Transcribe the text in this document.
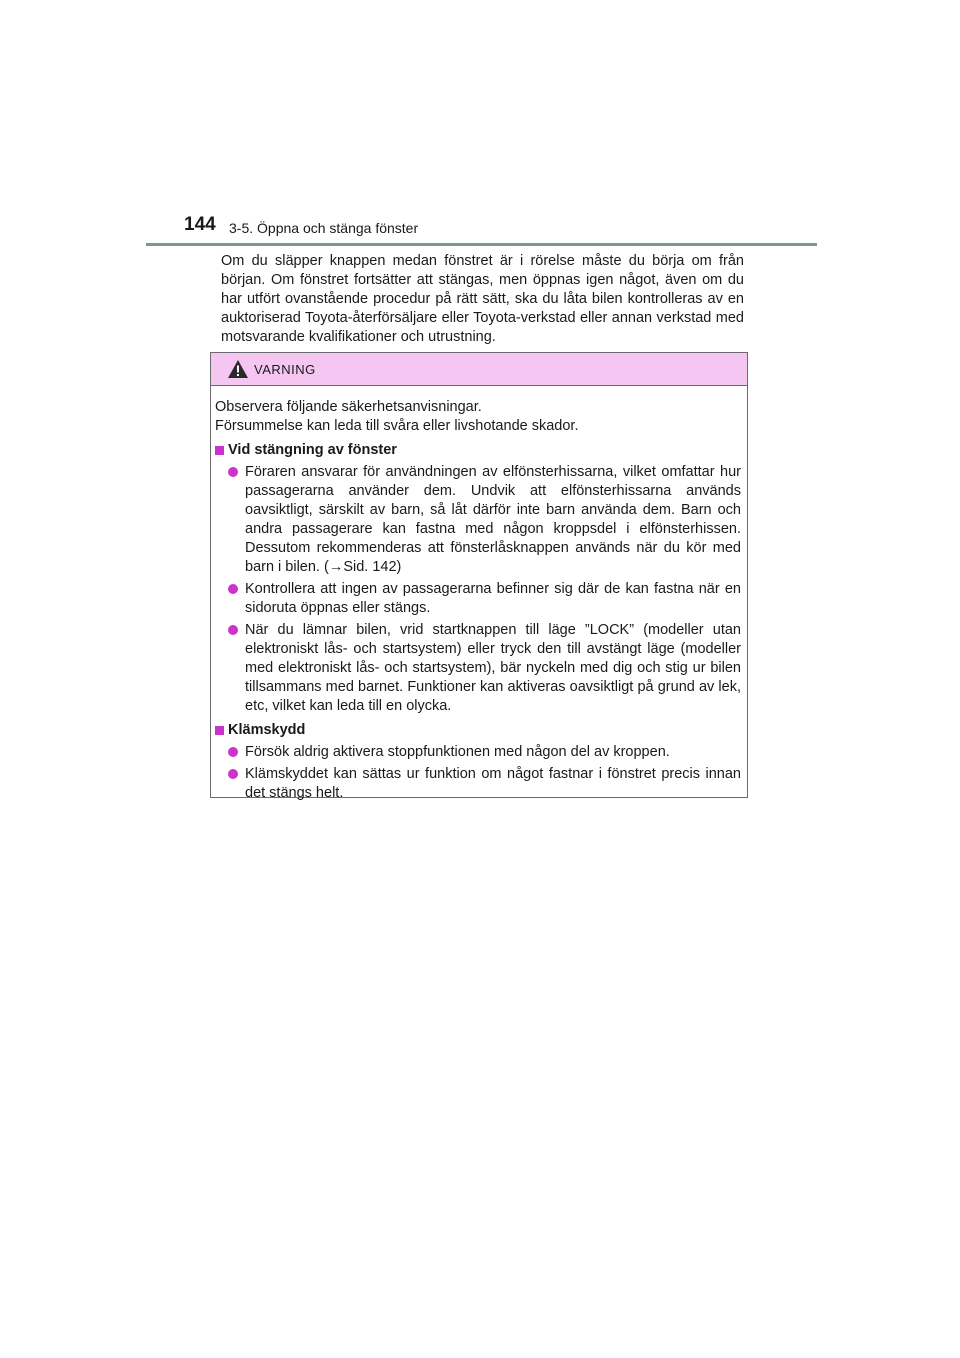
144 3-5. Öppna och stänga fönster

Om du släpper knappen medan fönstret är i rörelse måste du börja om från början. Om fönstret fortsätter att stängas, men öppnas igen något, även om du har utfört ovanstående procedur på rätt sätt, ska du låta bilen kontrolleras av en auktoriserad Toyota-återförsäljare eller Toyota-verkstad eller annan verkstad med motsvarande kvalifikationer och utrustning.

VARNING

Observera följande säkerhetsanvisningar.

Försummelse kan leda till svåra eller livshotande skador.

Vid stängning av fönster
Föraren ansvarar för användningen av elfönsterhissarna, vilket omfattar hur passagerarna använder dem. Undvik att elfönsterhissarna används oavsiktligt, särskilt av barn, så låt därför inte barn använda dem. Barn och andra passagerare kan fastna med någon kroppsdel i elfönsterhissen. Dessutom rekommenderas att fönsterlåsknappen används när du kör med barn i bilen. (→Sid. 142)
Kontrollera att ingen av passagerarna befinner sig där de kan fastna när en sidoruta öppnas eller stängs.
När du lämnar bilen, vrid startknappen till läge ”LOCK” (modeller utan elektroniskt lås- och startsystem) eller tryck den till avstängt läge (modeller med elektroniskt lås- och startsystem), bär nyckeln med dig och stig ur bilen tillsammans med barnet. Funktioner kan aktiveras oavsiktligt på grund av lek, etc, vilket kan leda till en olycka.
Klämskydd
Försök aldrig aktivera stoppfunktionen med någon del av kroppen.
Klämskyddet kan sättas ur funktion om något fastnar i fönstret precis innan det stängs helt.
